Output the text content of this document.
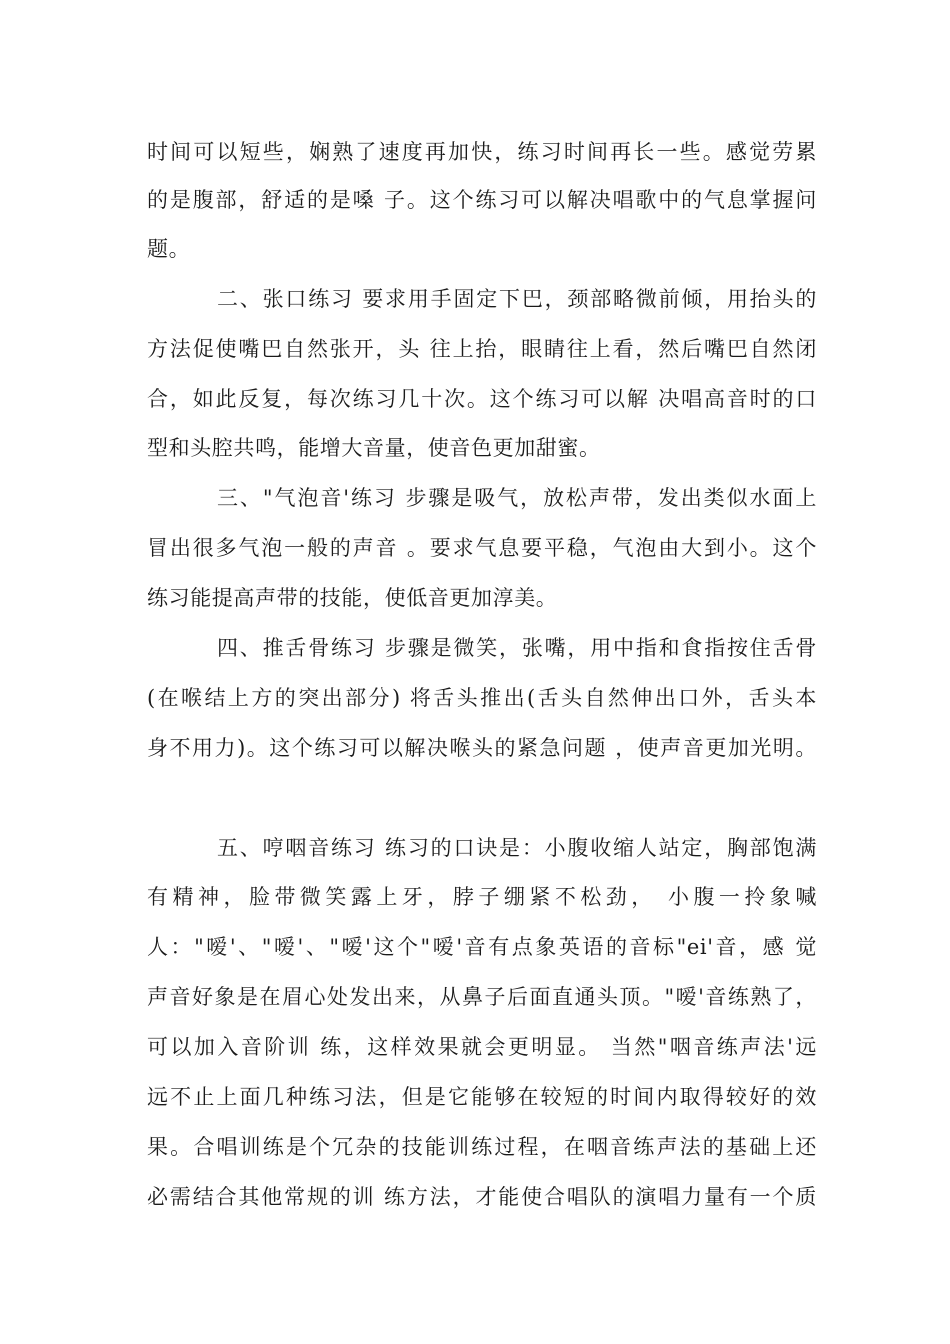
时间可以短些，娴熟了速度再加快，练习时间再长一些。感觉劳累
的是腹部，舒适的是嗓 子。这个练习可以解决唱歌中的气息掌握问
题。
二、张口练习 要求用手固定下巴，颈部略微前倾，用抬头的
方法促使嘴巴自然张开，头 往上抬，眼睛往上看，然后嘴巴自然闭
合，如此反复，每次练习几十次。这个练习可以解 决唱高音时的口
型和头腔共鸣，能增大音量，使音色更加甜蜜。
三、"气泡音'练习 步骤是吸气，放松声带，发出类似水面上
冒出很多气泡一般的声音 。要求气息要平稳，气泡由大到小。这个
练习能提高声带的技能，使低音更加淳美。
四、推舌骨练习 步骤是微笑，张嘴，用中指和食指按住舌骨
(在喉结上方的突出部分) 将舌头推出(舌头自然伸出口外，舌头本
身不用力)。这个练习可以解决喉头的紧急问题 ，使声音更加光明。
五、哼咽音练习 练习的口诀是：小腹收缩人站定，胸部饱满
有精神，脸带微笑露上牙，脖子绷紧不松劲， 小腹一拎象喊
人："嗳'、"嗳'、"嗳'这个"嗳'音有点象英语的音标"ei'音，感 觉
声音好象是在眉心处发出来，从鼻子后面直通头顶。"嗳'音练熟了，
可以加入音阶训 练，这样效果就会更明显。 当然"咽音练声法'远
远不止上面几种练习法，但是它能够在较短的时间内取得较好的效
果。合唱训练是个冗杂的技能训练过程，在咽音练声法的基础上还
必需结合其他常规的训 练方法，才能使合唱队的演唱力量有一个质
